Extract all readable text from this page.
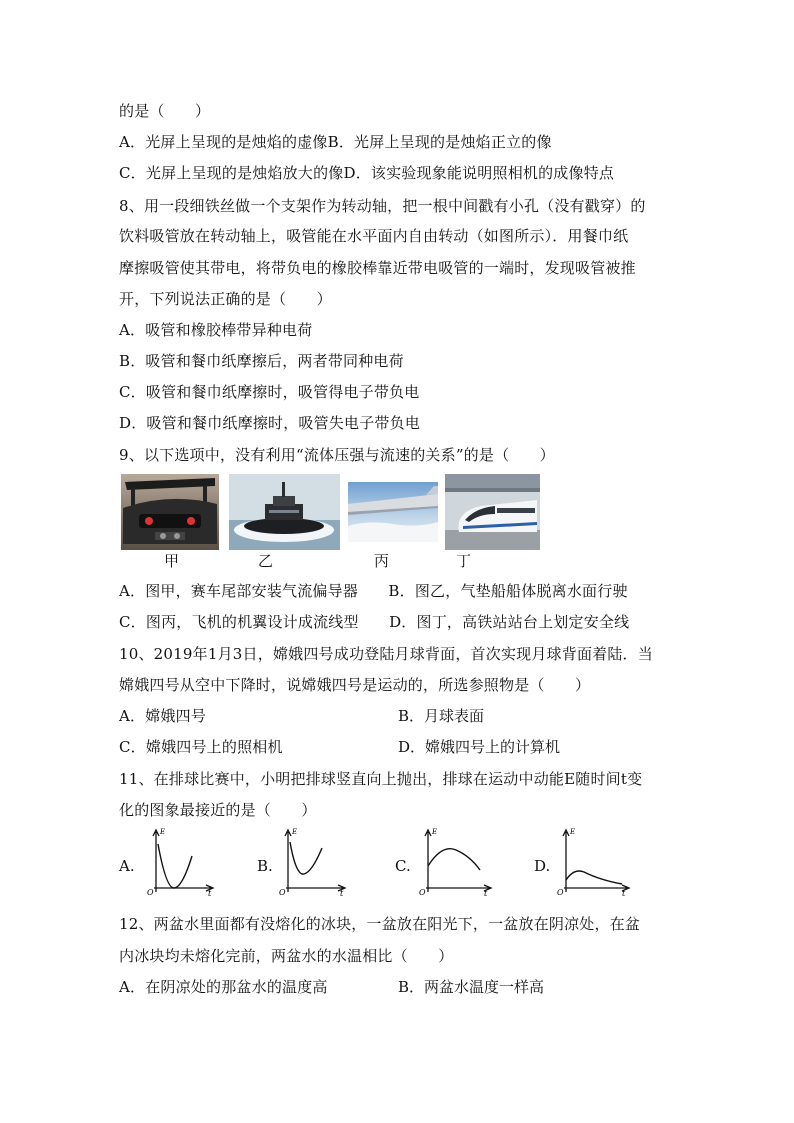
的是（　　）
A．光屏上呈现的是烛焰的虚像B．光屏上呈现的是烛焰正立的像
C．光屏上呈现的是烛焰放大的像D．该实验现象能说明照相机的成像特点
8、用一段细铁丝做一个支架作为转动轴，把一根中间戳有小孔（没有戳穿）的
饮料吸管放在转动轴上，吸管能在水平面内自由转动（如图所示）．用餐巾纸
摩擦吸管使其带电，将带负电的橡胶棒靠近带电吸管的一端时，发现吸管被推
开，下列说法正确的是（　　）
A．吸管和橡胶棒带异种电荷
B．吸管和餐巾纸摩擦后，两者带同种电荷
C．吸管和餐巾纸摩擦时，吸管得电子带负电
D．吸管和餐巾纸摩擦时，吸管失电子带负电
9、以下选项中，没有利用“流体压强与流速的关系”的是（　　）
甲	乙	丙	丁
A．图甲，赛车尾部安装气流偏导器　　B．图乙，气垫船船体脱离水面行驶
C．图丙，飞机的机翼设计成流线型　　D．图丁，高铁站站台上划定安全线
10、2019年1月3日，嫦娥四号成功登陆月球背面，首次实现月球背面着陆．当
嫦娥四号从空中下降时，说嫦娥四号是运动的，所选参照物是（　　）
A．嫦娥四号	B．月球表面
C．嫦娥四号上的照相机	D．嫦娥四号上的计算机
11、在排球比赛中，小明把排球竖直向上抛出，排球在运动中动能E随时间t变
化的图象最接近的是（　　）
A.
E
O	t
B.
E
O	t
C.
E
O	t
D.
E
O	t
12、两盆水里面都有没熔化的冰块，一盆放在阳光下，一盆放在阴凉处，在盆
内冰块均未熔化完前，两盆水的水温相比（　　）
A．在阴凉处的那盆水的温度高	B．两盆水温度一样高
